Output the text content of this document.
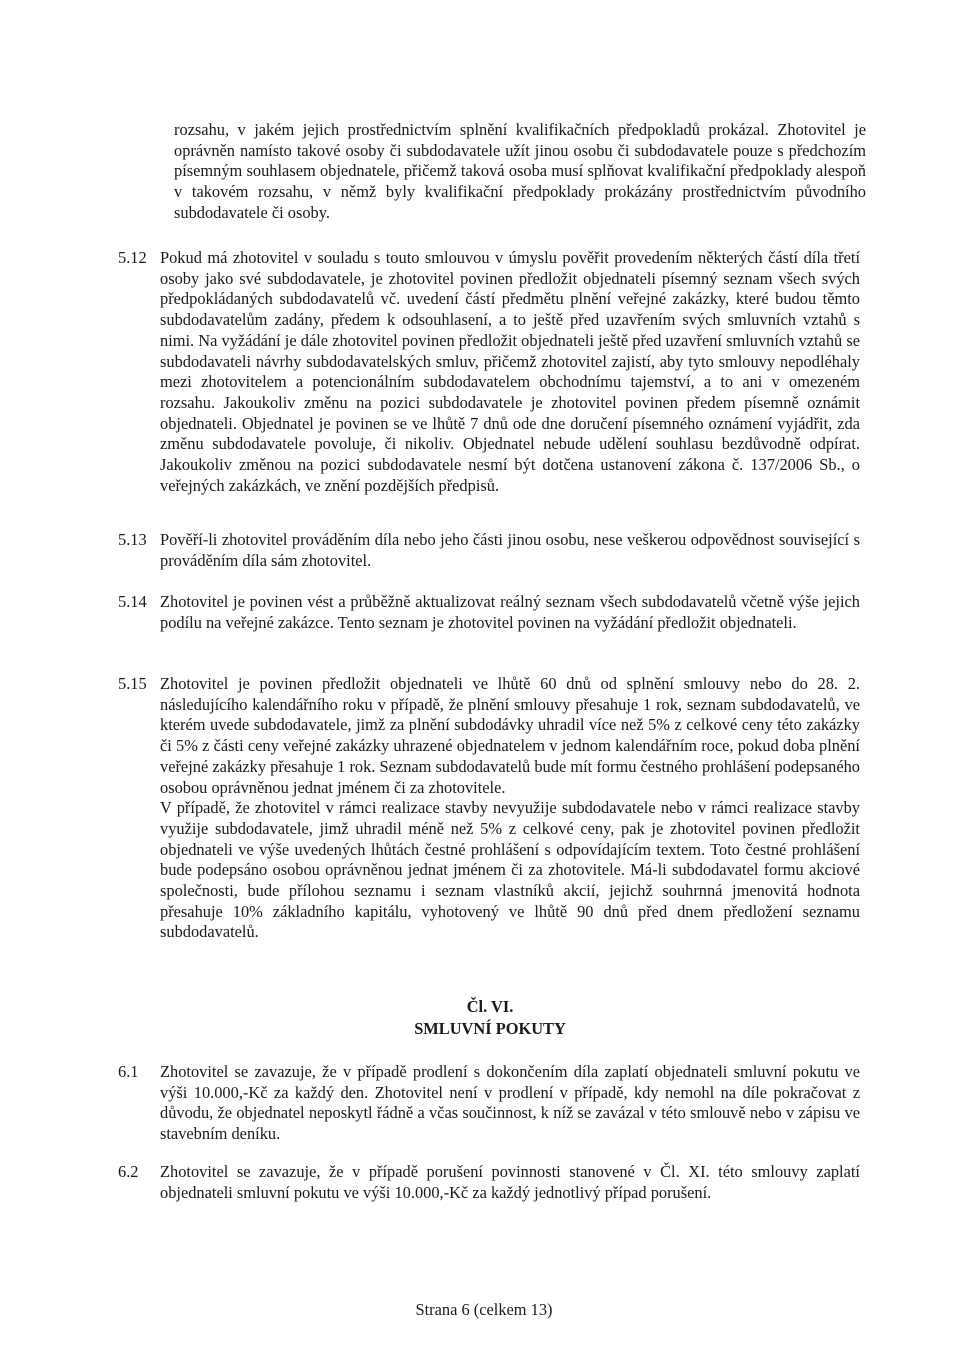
rozsahu, v jakém jejich prostřednictvím splnění kvalifikačních předpokladů prokázal. Zhotovitel je oprávněn namísto takové osoby či subdodavatele užít jinou osobu či subdodavatele pouze s předchozím písemným souhlasem objednatele, přičemž taková osoba musí splňovat kvalifikační předpoklady alespoň v takovém rozsahu, v němž byly kvalifikační předpoklady prokázány prostřednictvím původního subdodavatele či osoby.

5.12 Pokud má zhotovitel v souladu s touto smlouvou v úmyslu pověřit provedením některých částí díla třetí osoby jako své subdodavatele, je zhotovitel povinen předložit objednateli písemný seznam všech svých předpokládaných subdodavatelů vč. uvedení částí předmětu plnění veřejné zakázky, které budou těmto subdodavatelům zadány, předem k odsouhlasení, a to ještě před uzavřením svých smluvních vztahů s nimi. Na vyžádání je dále zhotovitel povinen předložit objednateli ještě před uzavření smluvních vztahů se subdodavateli návrhy subdodavatelských smluv, přičemž zhotovitel zajistí, aby tyto smlouvy nepodléhaly mezi zhotovitelem a potencionálním subdodavatelem obchodnímu tajemství, a to ani v omezeném rozsahu. Jakoukoliv změnu na pozici subdodavatele je zhotovitel povinen předem písemně oznámit objednateli. Objednatel je povinen se ve lhůtě 7 dnů ode dne doručení písemného oznámení vyjádřit, zda změnu subdodavatele povoluje, či nikoliv. Objednatel nebude udělení souhlasu bezdůvodně odpírat. Jakoukoliv změnou na pozici subdodavatele nesmí být dotčena ustanovení zákona č. 137/2006 Sb., o veřejných zakázkách, ve znění pozdějších předpisů.

5.13 Pověří-li zhotovitel prováděním díla nebo jeho části jinou osobu, nese veškerou odpovědnost související s prováděním díla sám zhotovitel.

5.14 Zhotovitel je povinen vést a průběžně aktualizovat reálný seznam všech subdodavatelů včetně výše jejich podílu na veřejné zakázce. Tento seznam je zhotovitel povinen na vyžádání předložit objednateli.

5.15 Zhotovitel je povinen předložit objednateli ve lhůtě 60 dnů od splnění smlouvy nebo do 28. 2. následujícího kalendářního roku v případě, že plnění smlouvy přesahuje 1 rok, seznam subdodavatelů, ve kterém uvede subdodavatele, jimž za plnění subdodávky uhradil více než 5% z celkové ceny této zakázky či 5% z části ceny veřejné zakázky uhrazené objednatelem v jednom kalendářním roce, pokud doba plnění veřejné zakázky přesahuje 1 rok. Seznam subdodavatelů bude mít formu čestného prohlášení podepsaného osobou oprávněnou jednat jménem či za zhotovitele.

V případě, že zhotovitel v rámci realizace stavby nevyužije subdodavatele nebo v rámci realizace stavby využije subdodavatele, jimž uhradil méně než 5% z celkové ceny, pak je zhotovitel povinen předložit objednateli ve výše uvedených lhůtách čestné prohlášení s odpovídajícím textem. Toto čestné prohlášení bude podepsáno osobou oprávněnou jednat jménem či za zhotovitele. Má-li subdodavatel formu akciové společnosti, bude přílohou seznamu i seznam vlastníků akcií, jejichž souhrnná jmenovitá hodnota přesahuje 10% základního kapitálu, vyhotovený ve lhůtě 90 dnů před dnem předložení seznamu subdodavatelů.

Čl. VI.

SMLUVNÍ POKUTY

6.1	Zhotovitel se zavazuje, že v případě prodlení s dokončením díla zaplatí objednateli smluvní pokutu ve výši 10.000,-Kč za každý den. Zhotovitel není v prodlení v případě, kdy nemohl na díle pokračovat z důvodu, že objednatel neposkytl řádně a včas součinnost, k níž se zavázal v této smlouvě nebo v zápisu ve stavebním deníku.

6.2	Zhotovitel se zavazuje, že v případě porušení povinnosti stanovené v Čl. XI. této smlouvy zaplatí objednateli smluvní pokutu ve výši 10.000,-Kč za každý jednotlivý případ porušení.

Strana 6 (celkem 13)
